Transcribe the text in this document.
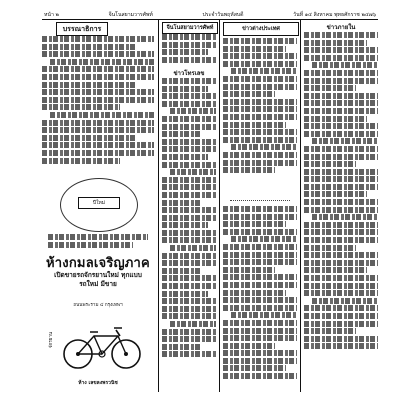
หน้า ๒	จีนโนสยามวารศัพท์	ประจำวันพฤหัสบดี	วันที่ ๑๔ สิงหาคม พุทธศักราช ๒๔๗๖
บรรณาธิการ
ปีใหม่
ห้างกมลเจริญภาค
เปิดขายรถจักรยานใหม่ ทุกแบบ
รถใหม่ มีขาย
ถนนพระราม ๔ กรุงเทพฯ
จักรยาน
ห้าง เลขลงพรวนิช
จีนโนสยามวารศัพท์
ข่าวโทรเลข
ข่าวต่างประเทศ	ข่าวภายใน
